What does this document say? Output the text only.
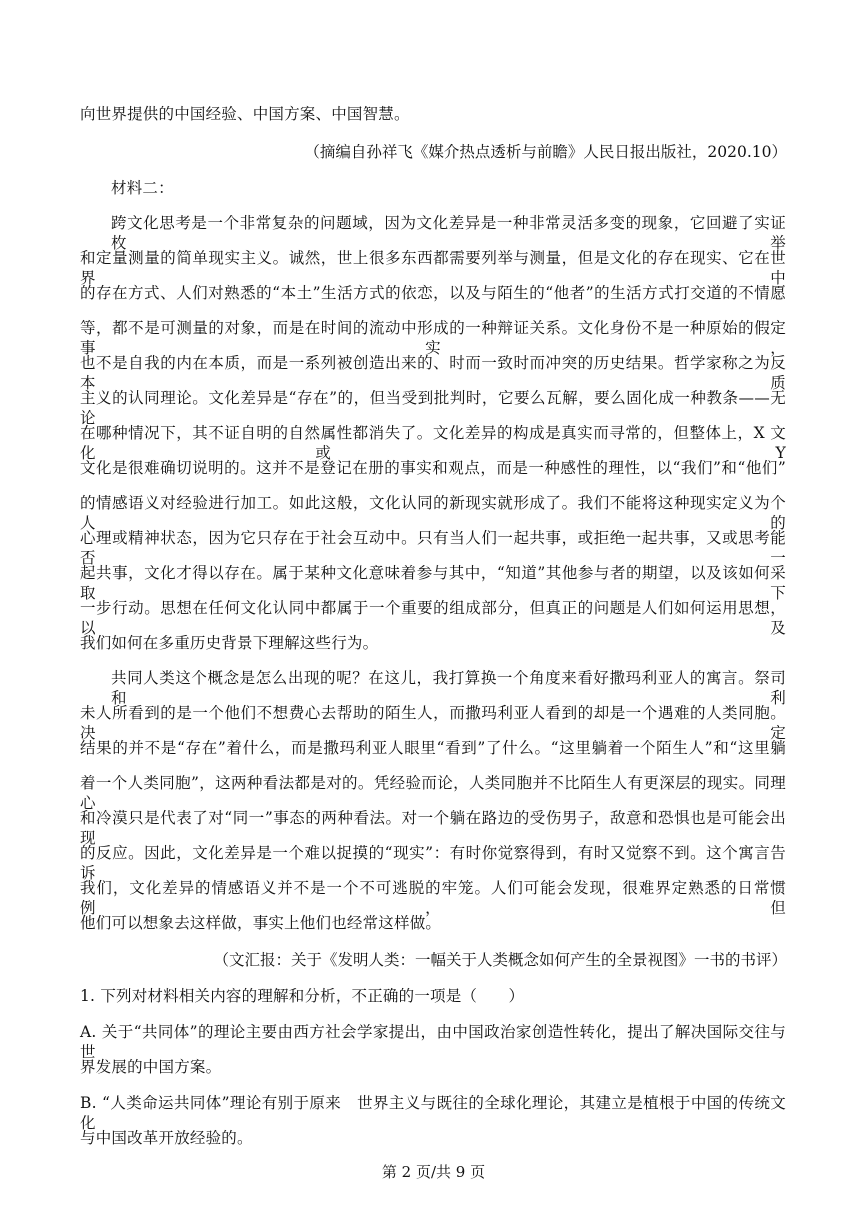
向世界提供的中国经验、中国方案、中国智慧。
（摘编自孙祥飞《媒介热点透析与前瞻》人民日报出版社，2020.10）
材料二：
跨文化思考是一个非常复杂的问题域，因为文化差异是一种非常灵活多变的现象，它回避了实证枚举
和定量测量的简单现实主义。诚然，世上很多东西都需要列举与测量，但是文化的存在现实、它在世界中
的存在方式、人们对熟悉的“本土”生活方式的依恋，以及与陌生的“他者”的生活方式打交道的不情愿
等，都不是可测量的对象，而是在时间的流动中形成的一种辩证关系。文化身份不是一种原始的假定事实，
也不是自我的内在本质，而是一系列被创造出来的、时而一致时而冲突的历史结果。哲学家称之为反本质
主义的认同理论。文化差异是“存在”的，但当受到批判时，它要么瓦解，要么固化成一种教条——无论
在哪种情况下，其不证自明的自然属性都消失了。文化差异的构成是真实而寻常的，但整体上，X 文化或 Y
文化是很难确切说明的。这并不是登记在册的事实和观点，而是一种感性的理性，以“我们”和“他们”
的情感语义对经验进行加工。如此这般，文化认同的新现实就形成了。我们不能将这种现实定义为个人的
心理或精神状态，因为它只存在于社会互动中。只有当人们一起共事，或拒绝一起共事，又或思考能否一
起共事，文化才得以存在。属于某种文化意味着参与其中，“知道”其他参与者的期望，以及该如何采取下
一步行动。思想在任何文化认同中都属于一个重要的组成部分，但真正的问题是人们如何运用思想，以及
我们如何在多重历史背景下理解这些行为。
共同人类这个概念是怎么出现的呢？在这儿，我打算换一个角度来看好撒玛利亚人的寓言。祭司和利
未人所看到的是一个他们不想费心去帮助的陌生人，而撒玛利亚人看到的却是一个遇难的人类同胞。决定
结果的并不是“存在”着什么，而是撒玛利亚人眼里“看到”了什么。“这里躺着一个陌生人”和“这里躺
着一个人类同胞”，这两种看法都是对的。凭经验而论，人类同胞并不比陌生人有更深层的现实。同理心
和冷漠只是代表了对“同一”事态的两种看法。对一个躺在路边的受伤男子，敌意和恐惧也是可能会出现
的反应。因此，文化差异是一个难以捉摸的“现实”：有时你觉察得到，有时又觉察不到。这个寓言告诉
我们，文化差异的情感语义并不是一个不可逃脱的牢笼。人们可能会发现，很难界定熟悉的日常惯例，但
他们可以想象去这样做，事实上他们也经常这样做。
（文汇报：关于《发明人类：一幅关于人类概念如何产生的全景视图》一书的书评）
1. 下列对材料相关内容的理解和分析，不正确的一项是（　　）
A. 关于“共同体”的理论主要由西方社会学家提出，由中国政治家创造性转化，提出了解决国际交往与世
界发展的中国方案。
B. “人类命运共同体”理论有别于原来　世界主义与既往的全球化理论，其建立是植根于中国的传统文化
与中国改革开放经验的。
第 2 页/共 9 页
